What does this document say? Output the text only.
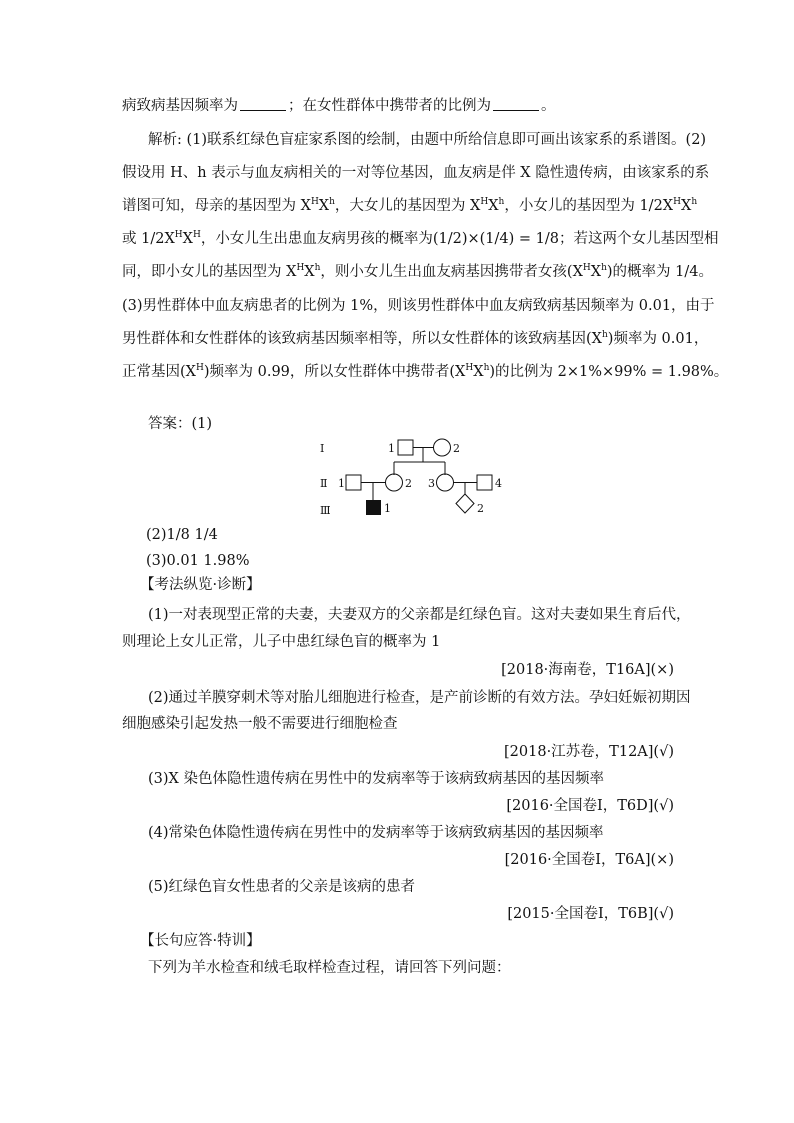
病致病基因频率为	；在女性群体中携带者的比例为	。
解析: (1)联系红绿色盲症家系图的绘制，由题中所给信息即可画出该家系的系谱图。(2)
假设用 H、h 表示与血友病相关的一对等位基因，血友病是伴 X 隐性遗传病，由该家系的系
谱图可知，母亲的基因型为 $X^HX^h$，大女儿的基因型为 $X^HX^h$，小女儿的基因型为 $1/2X^HX^h$
或 $1/2X^HX^H$，小女儿生出患血友病男孩的概率为(1/2)×(1/4) = 1/8；若这两个女儿基因型相
同，即小女儿的基因型为 $X^HX^h$，则小女儿生出血友病基因携带者女孩$(X^HX^h)$的概率为 1/4。
(3)男性群体中血友病患者的比例为 1%，则该男性群体中血友病致病基因频率为 0.01，由于
男性群体和女性群体的该致病基因频率相等，所以女性群体的该致病基因$(X^h)$频率为 0.01，
正常基因$(X^H)$频率为 0.99，所以女性群体中携带者$(X^HX^h)$的比例为 2×1%×99% = 1.98%。
答案：(1)
Ⅰ
Ⅱ
Ⅲ
1	2
1	2 3	4
1	2
(2)1/8 1/4
(3)0.01 1.98%
【考法纵览·诊断】
(1)一对表现型正常的夫妻，夫妻双方的父亲都是红绿色盲。这对夫妻如果生育后代，
则理论上女儿正常，儿子中患红绿色盲的概率为 1
[2018·海南卷，T16A](×)
(2)通过羊膜穿刺术等对胎儿细胞进行检查，是产前诊断的有效方法。孕妇妊娠初期因
细胞感染引起发热一般不需要进行细胞检查
[2018·江苏卷，T12A](√)
(3)X 染色体隐性遗传病在男性中的发病率等于该病致病基因的基因频率
[2016·全国卷Ⅰ，T6D](√)
(4)常染色体隐性遗传病在男性中的发病率等于该病致病基因的基因频率
[2016·全国卷Ⅰ，T6A](×)
(5)红绿色盲女性患者的父亲是该病的患者
[2015·全国卷Ⅰ，T6B](√)
【长句应答·特训】
下列为羊水检查和绒毛取样检查过程，请回答下列问题：
